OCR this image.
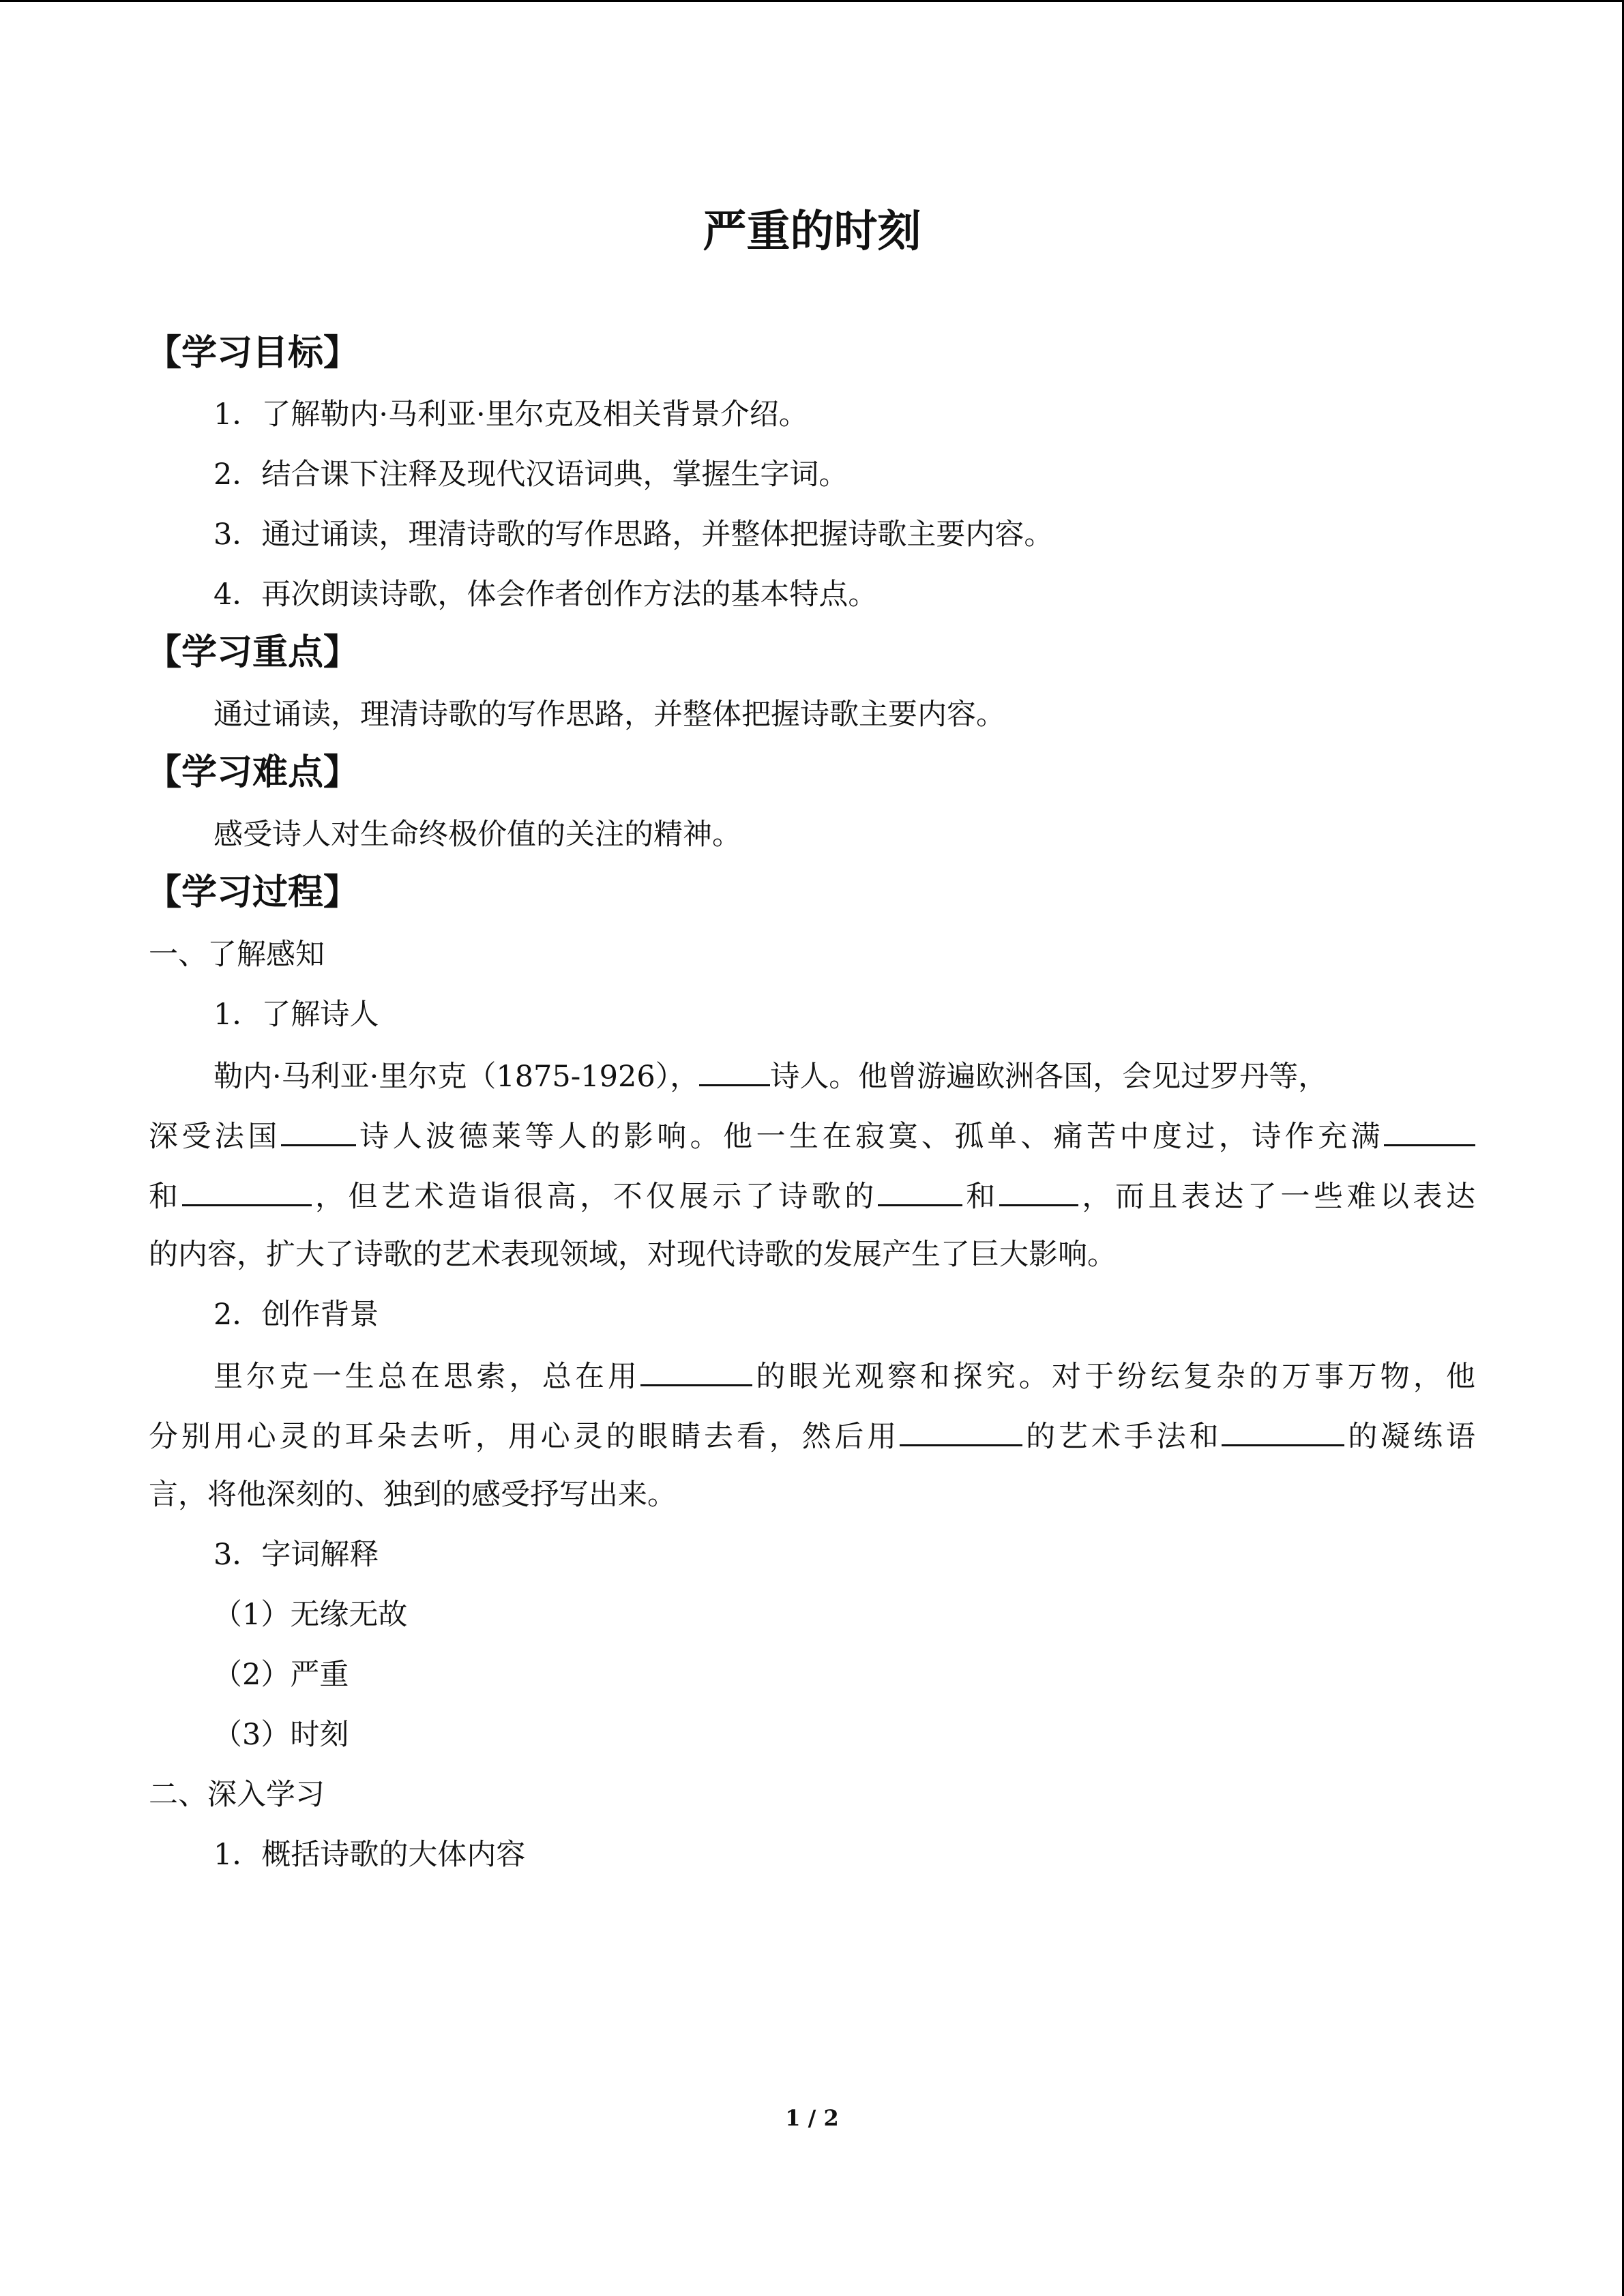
严重的时刻
【学习目标】
1．了解勒内·马利亚·里尔克及相关背景介绍。
2．结合课下注释及现代汉语词典，掌握生字词。
3．通过诵读，理清诗歌的写作思路，并整体把握诗歌主要内容。
4．再次朗读诗歌，体会作者创作方法的基本特点。
【学习重点】
通过诵读，理清诗歌的写作思路，并整体把握诗歌主要内容。
【学习难点】
感受诗人对生命终极价值的关注的精神。
【学习过程】
一、了解感知
1．了解诗人
勒内·马利亚·里尔克（1875-1926）， 诗人。他曾游遍欧洲各国，会见过罗丹等，
深受法国	诗人波德莱等人的影响。他一生在寂寞、孤单、痛苦中度过，诗作充满
和	，但艺术造诣很高，不仅展示了诗歌的	和	，而且表达了一些难以表达
的内容，扩大了诗歌的艺术表现领域，对现代诗歌的发展产生了巨大影响。
2．创作背景
里尔克一生总在思索，总在用	的眼光观察和探究。对于纷纭复杂的万事万物，他
分别用心灵的耳朵去听，用心灵的眼睛去看，然后用	的艺术手法和	的凝练语
言，将他深刻的、独到的感受抒写出来。
3．字词解释
（1）无缘无故
（2）严重
（3）时刻
二、深入学习
1．概括诗歌的大体内容
1 / 2
